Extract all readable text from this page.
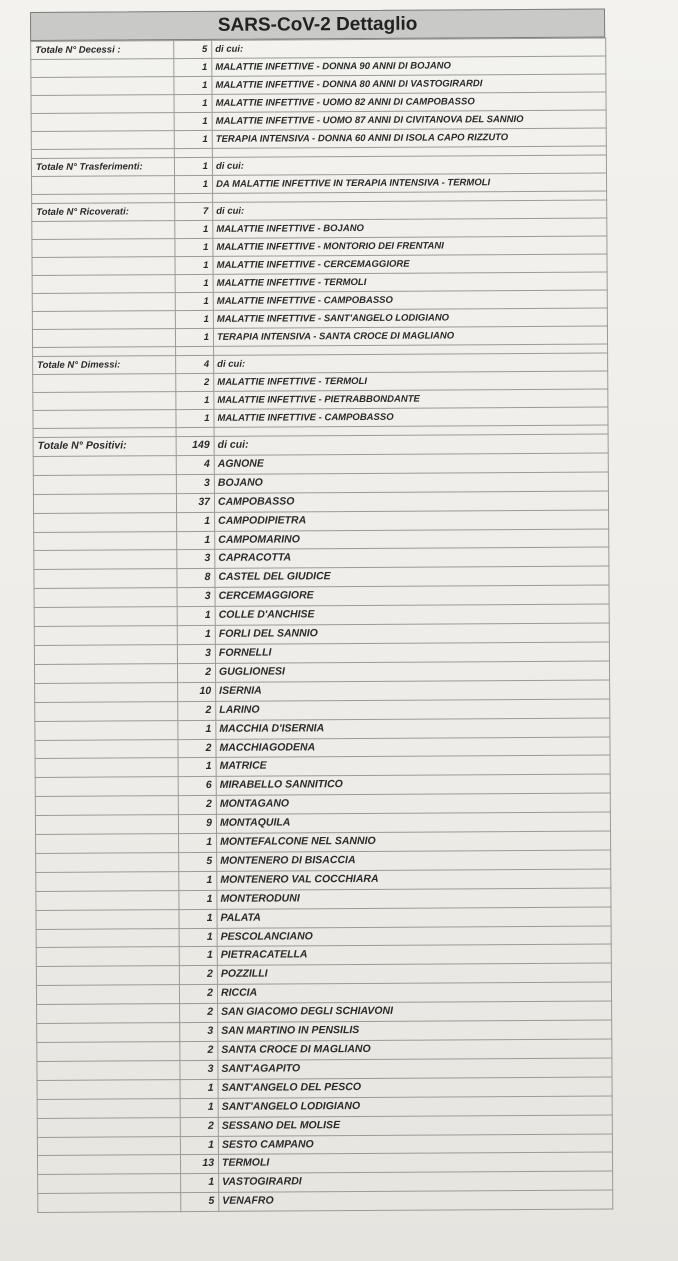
SARS-CoV-2 Dettaglio
Totale N° Decessi :	5	di cui:
	1	MALATTIE INFETTIVE - DONNA 90 ANNI DI BOJANO
	1	MALATTIE INFETTIVE - DONNA 80 ANNI DI VASTOGIRARDI
	1	MALATTIE INFETTIVE - UOMO 82 ANNI DI CAMPOBASSO
	1	MALATTIE INFETTIVE - UOMO 87 ANNI DI CIVITANOVA DEL SANNIO
	1	TERAPIA INTENSIVA - DONNA 60 ANNI DI ISOLA CAPO RIZZUTO

Totale N° Trasferimenti:	1	di cui:
	1	DA MALATTIE INFETTIVE IN TERAPIA INTENSIVA - TERMOLI

Totale N° Ricoverati:	7	di cui:
	1	MALATTIE INFETTIVE - BOJANO
	1	MALATTIE INFETTIVE - MONTORIO DEI FRENTANI
	1	MALATTIE INFETTIVE - CERCEMAGGIORE
	1	MALATTIE INFETTIVE - TERMOLI
	1	MALATTIE INFETTIVE - CAMPOBASSO
	1	MALATTIE INFETTIVE - SANT'ANGELO LODIGIANO
	1	TERAPIA INTENSIVA - SANTA CROCE DI MAGLIANO

Totale N° Dimessi:	4	di cui:
	2	MALATTIE INFETTIVE - TERMOLI
	1	MALATTIE INFETTIVE - PIETRABBONDANTE
	1	MALATTIE INFETTIVE - CAMPOBASSO

Totale N° Positivi:	149	di cui:
	4	AGNONE
	3	BOJANO
	37	CAMPOBASSO
	1	CAMPODIPIETRA
	1	CAMPOMARINO
	3	CAPRACOTTA
	8	CASTEL DEL GIUDICE
	3	CERCEMAGGIORE
	1	COLLE D'ANCHISE
	1	FORLI DEL SANNIO
	3	FORNELLI
	2	GUGLIONESI
	10	ISERNIA
	2	LARINO
	1	MACCHIA D'ISERNIA
	2	MACCHIAGODENA
	1	MATRICE
	6	MIRABELLO SANNITICO
	2	MONTAGANO
	9	MONTAQUILA
	1	MONTEFALCONE NEL SANNIO
	5	MONTENERO DI BISACCIA
	1	MONTENERO VAL COCCHIARA
	1	MONTERODUNI
	1	PALATA
	1	PESCOLANCIANO
	1	PIETRACATELLA
	2	POZZILLI
	2	RICCIA
	2	SAN GIACOMO DEGLI SCHIAVONI
	3	SAN MARTINO IN PENSILIS
	2	SANTA CROCE DI MAGLIANO
	3	SANT'AGAPITO
	1	SANT'ANGELO DEL PESCO
	1	SANT'ANGELO LODIGIANO
	2	SESSANO DEL MOLISE
	1	SESTO CAMPANO
	13	TERMOLI
	1	VASTOGIRARDI
	5	VENAFRO
